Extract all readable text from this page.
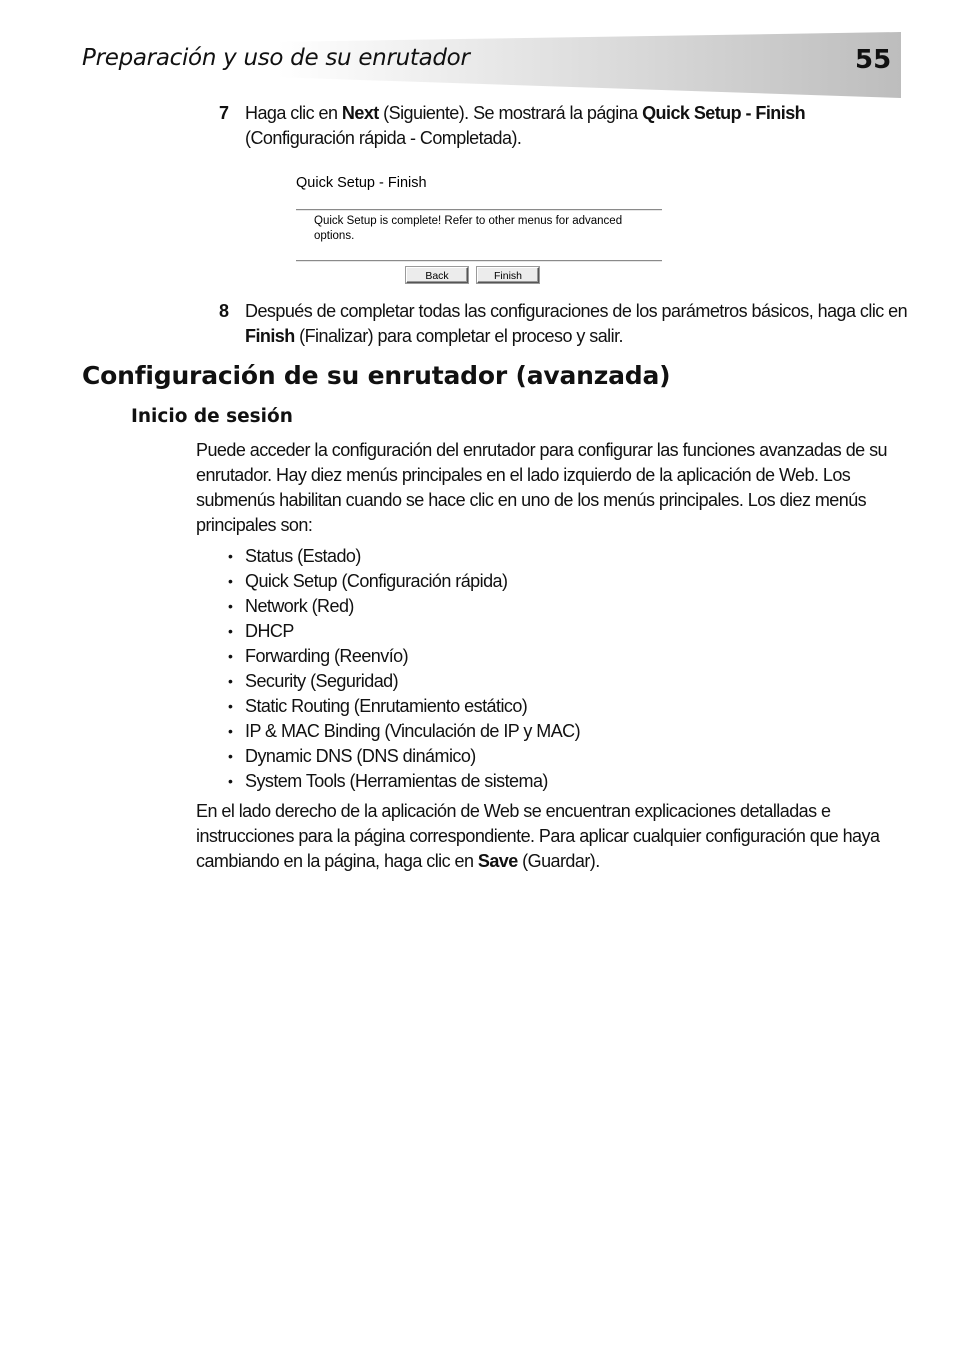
Preparación y uso de su enrutador	55
7 Haga clic en Next (Siguiente). Se mostrará la página Quick Setup - Finish (Configuración rápida - Completada).
Quick Setup - Finish
Quick Setup is complete! Refer to other menus for advanced options.
Back	Finish
8 Después de completar todas las configuraciones de los parámetros básicos, haga clic en Finish (Finalizar) para completar el proceso y salir.
Configuración de su enrutador (avanzada)
Inicio de sesión
Puede acceder la configuración del enrutador para configurar las funciones avanzadas de su enrutador. Hay diez menús principales en el lado izquierdo de la aplicación de Web. Los submenús habilitan cuando se hace clic en uno de los menús principales. Los diez menús principales son:
• Status (Estado)
• Quick Setup (Configuración rápida)
• Network (Red)
• DHCP
• Forwarding (Reenvío)
• Security (Seguridad)
• Static Routing (Enrutamiento estático)
• IP & MAC Binding (Vinculación de IP y MAC)
• Dynamic DNS (DNS dinámico)
• System Tools (Herramientas de sistema)
En el lado derecho de la aplicación de Web se encuentran explicaciones detalladas e instrucciones para la página correspondiente. Para aplicar cualquier configuración que haya cambiando en la página, haga clic en Save (Guardar).
